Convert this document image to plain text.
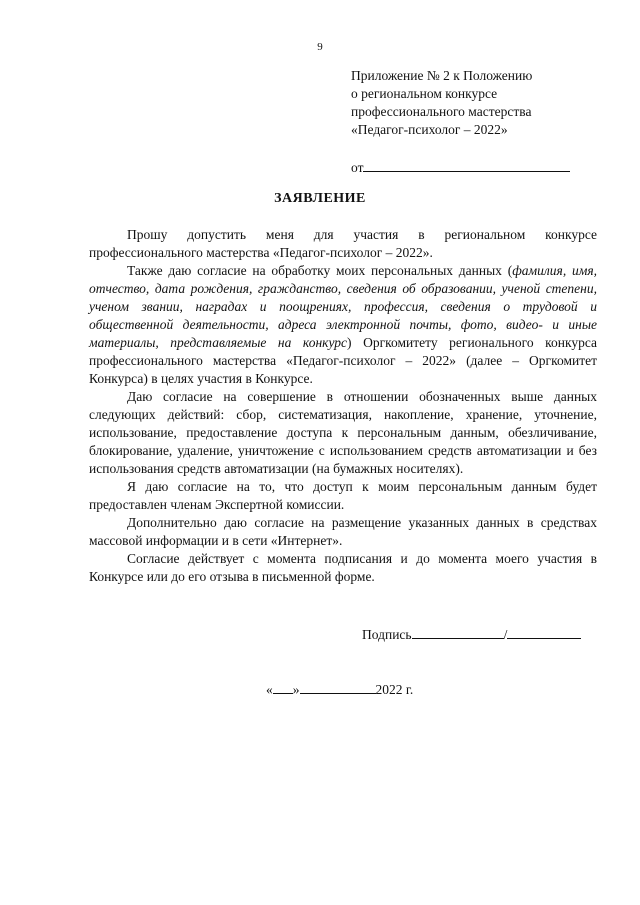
9
Приложение № 2 к Положению
о региональном конкурсе
профессионального мастерства
«Педагог-психолог – 2022»
от
ЗАЯВЛЕНИЕ

Прошу допустить меня для участия в региональном конкурсе профессионального мастерства «Педагог-психолог – 2022».

Также даю согласие на обработку моих персональных данных (фамилия, имя, отчество, дата рождения, гражданство, сведения об образовании, ученой степени, ученом звании, наградах и поощрениях, профессия, сведения о трудовой и общественной деятельности, адреса электронной почты, фото, видео- и иные материалы, представляемые на конкурс) Оргкомитету регионального конкурса профессионального мастерства «Педагог-психолог – 2022» (далее – Оргкомитет Конкурса) в целях участия в Конкурсе.

Даю согласие на совершение в отношении обозначенных выше данных следующих действий: сбор, систематизация, накопление, хранение, уточнение, использование, предоставление доступа к персональным данным, обезличивание, блокирование, удаление, уничтожение с использованием средств автоматизации и без использования средств автоматизации (на бумажных носителях).

Я даю согласие на то, что доступ к моим персональным данным будет предоставлен членам Экспертной комиссии.

Дополнительно даю согласие на размещение указанных данных в средствах массовой информации и в сети «Интернет».

Согласие действует с момента подписания и до момента моего участия в Конкурсе или до его отзыва в письменной форме.

Подпись	/
« »	2022 г.
